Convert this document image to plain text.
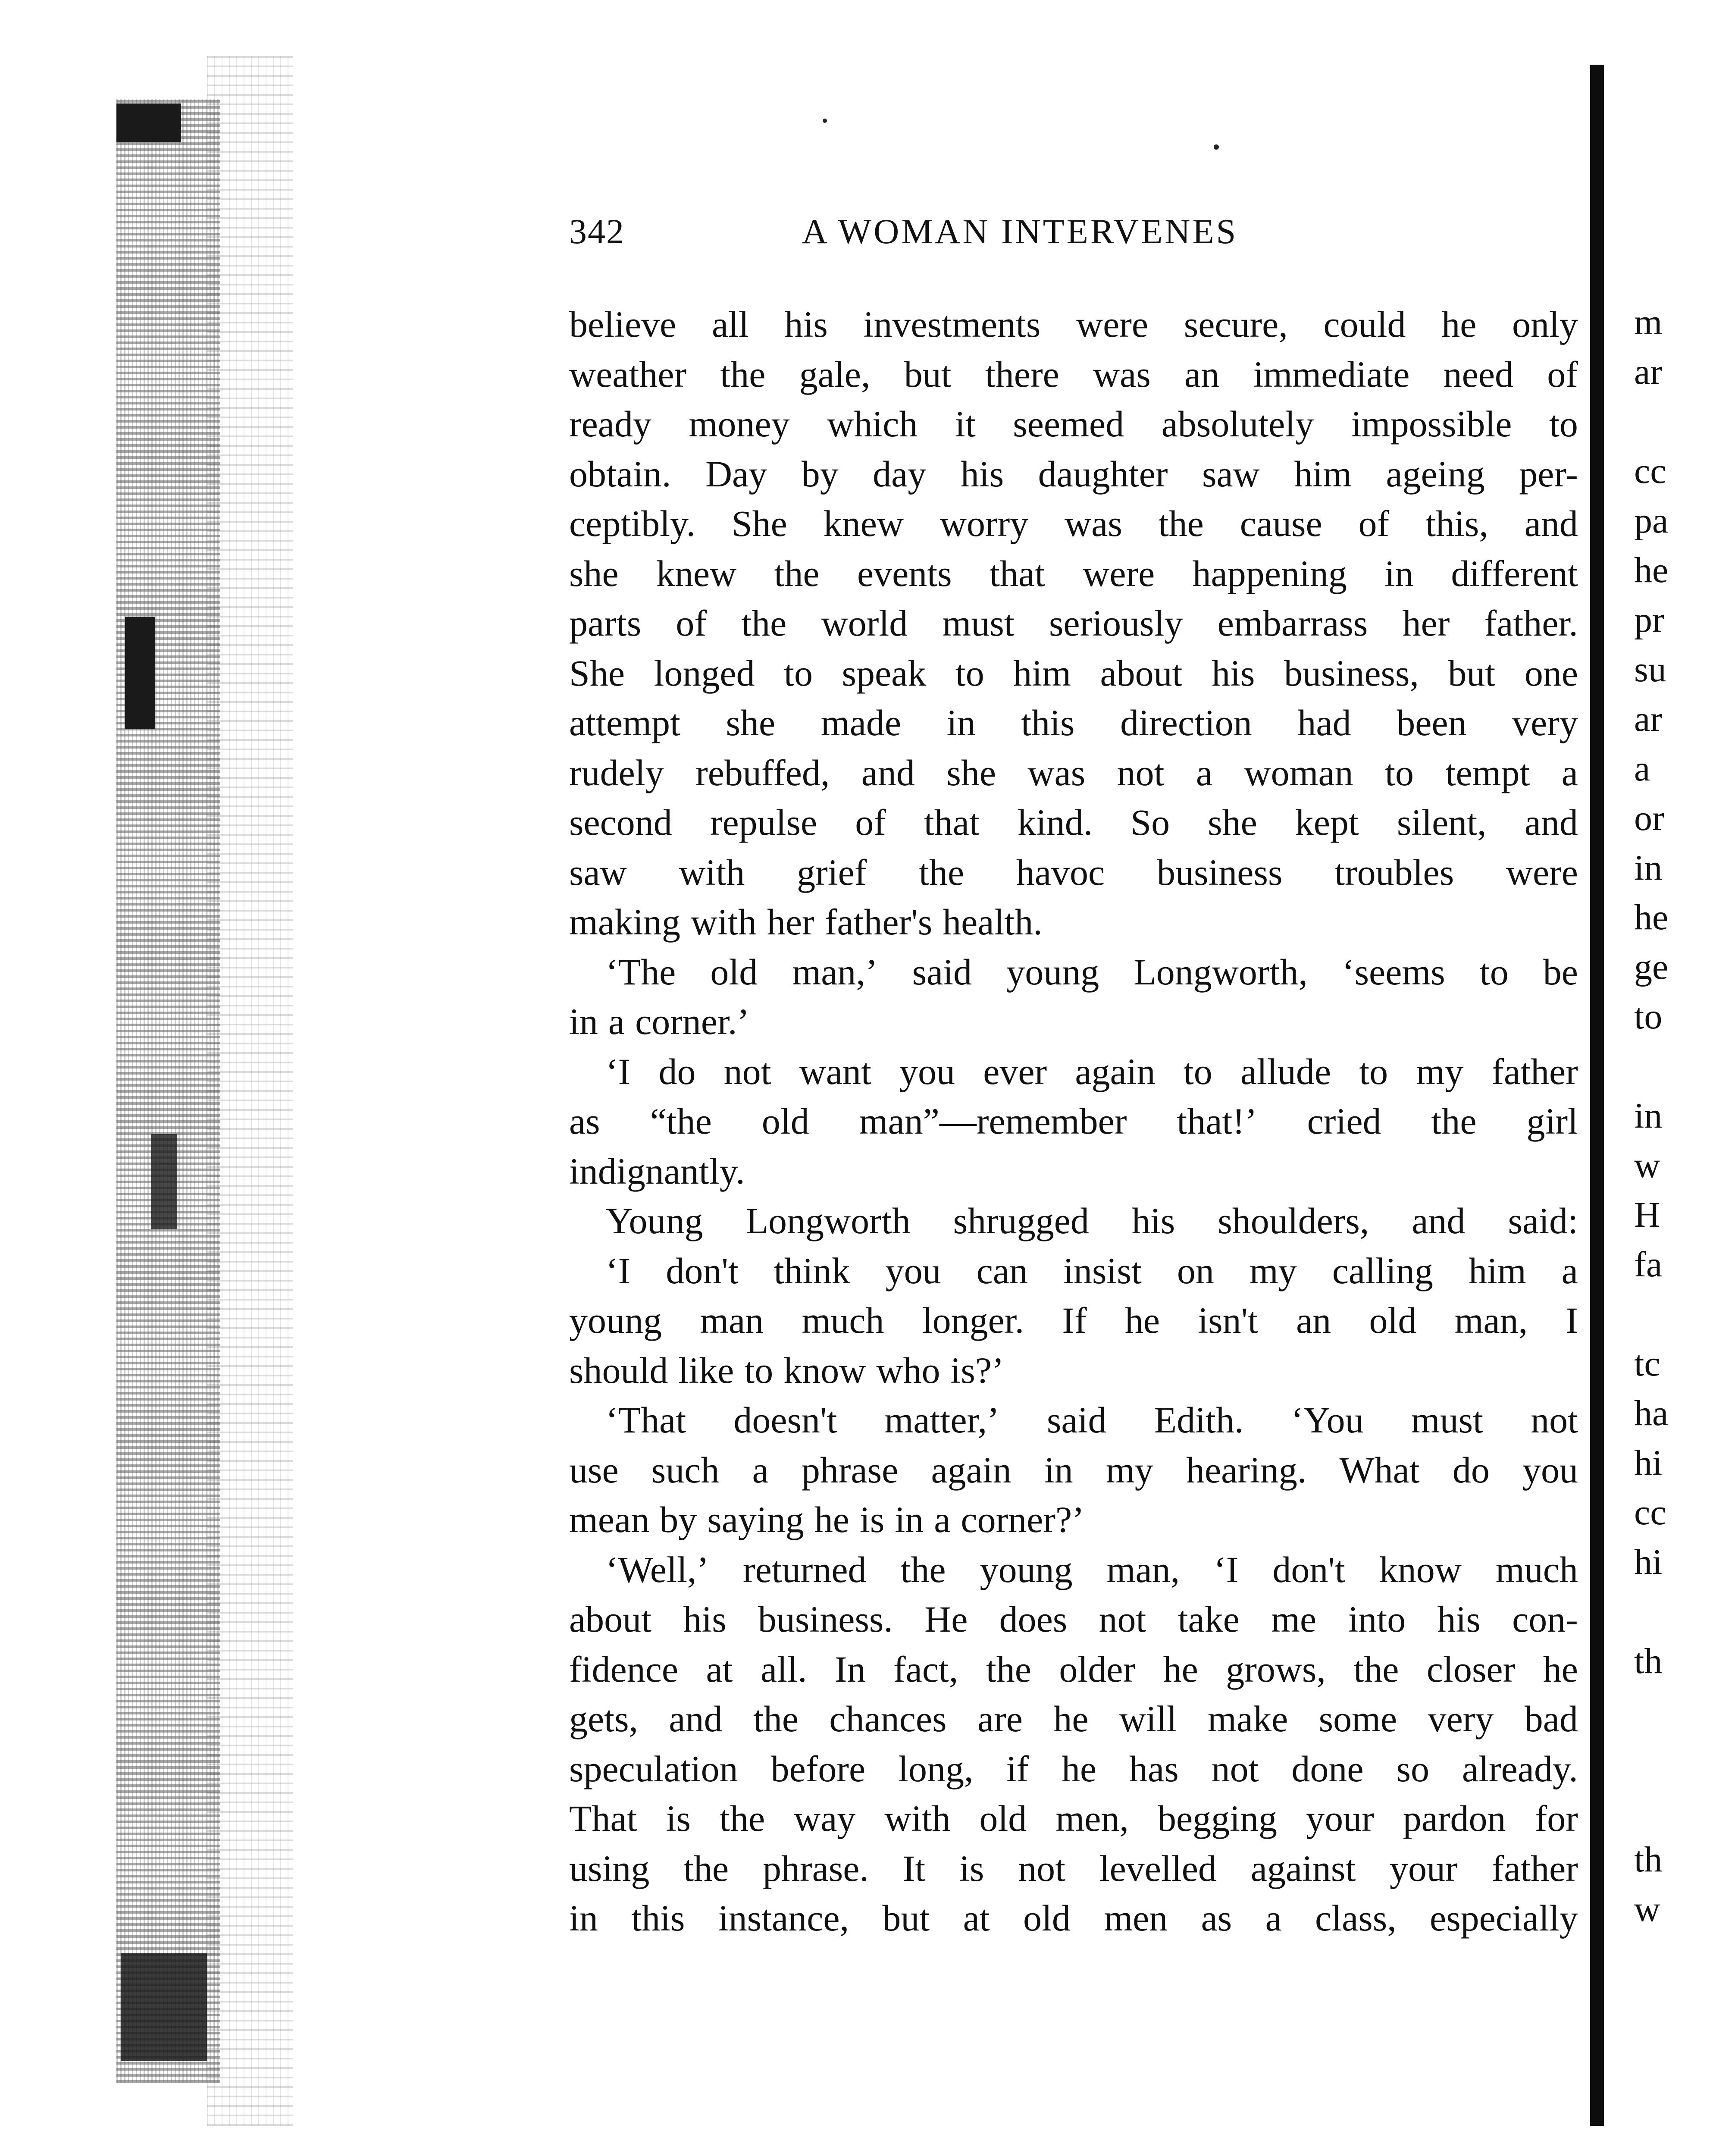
342	A WOMAN INTERVENES
believe all his investments were secure, could he only
weather the gale, but there was an immediate need of
ready money which it seemed absolutely impossible to
obtain. Day by day his daughter saw him ageing per-
ceptibly. She knew worry was the cause of this, and
she knew the events that were happening in different
parts of the world must seriously embarrass her father.
She longed to speak to him about his business, but one
attempt she made in this direction had been very
rudely rebuffed, and she was not a woman to tempt a
second repulse of that kind. So she kept silent, and
saw with grief the havoc business troubles were
making with her father's health.
‘The old man,’ said young Longworth, ‘seems to be
in a corner.’
‘I do not want you ever again to allude to my father
as “the old man”—remember that!’ cried the girl
indignantly.
Young Longworth shrugged his shoulders, and said:
‘I don't think you can insist on my calling him a
young man much longer. If he isn't an old man, I
should like to know who is?’
‘That doesn't matter,’ said Edith. ‘You must not
use such a phrase again in my hearing. What do you
mean by saying he is in a corner?’
‘Well,’ returned the young man, ‘I don't know much
about his business. He does not take me into his con-
fidence at all. In fact, the older he grows, the closer he
gets, and the chances are he will make some very bad
speculation before long, if he has not done so already.
That is the way with old men, begging your pardon for
using the phrase. It is not levelled against your father
in this instance, but at old men as a class, especially
m
ar
cc
pa
he
pr
su
ar
a
or
in
he
ge
to
in
w
H
fa
tc
ha
hi
cc
hi
th
th
w
